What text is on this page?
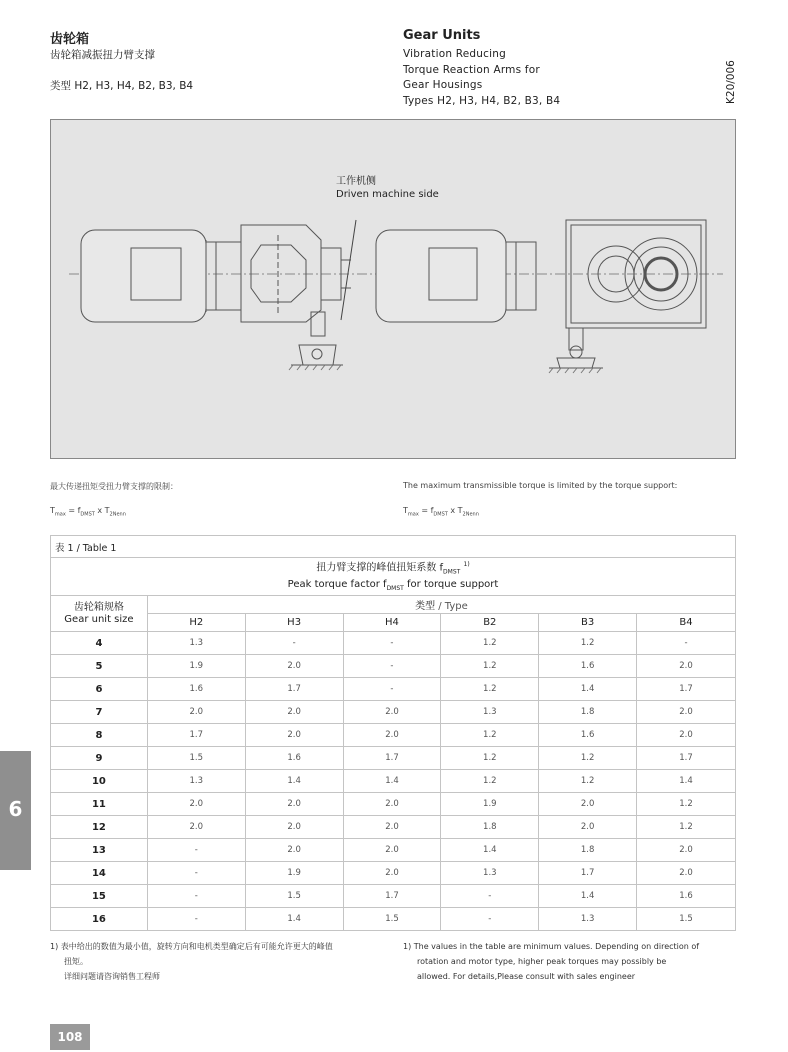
齿轮箱
齿轮箱减振扭力臂支撑
类型 H2, H3, H4, B2, B3, B4
Gear Units
Vibration Reducing
Torque Reaction Arms for
Gear Housings
Types H2, H3, H4, B2, B3, B4	K20/006
工作机侧
Driven machine side
最大传递扭矩受扭力臂支撑的限制：	The maximum transmissible torque is limited by the torque support:
$T_{max} = f_{DMST}$ x $T_{2Nenn}$	$T_{max} = f_{DMST}$ x $T_{2Nenn}$
表 1 / Table 1						

扭力臂支撑的峰值扭矩系数 $f_{DMST}$ $^{1)}$
Peak torque factor $f_{DMST}$ for torque support						

齿轮箱规格
Gear unit size	类型 / Type					
	H2	H3	H4	B2	B3	B4
4	1.3	-	-	1.2	1.2	-
5	1.9	2.0	-	1.2	1.6	2.0
6	1.6	1.7	-	1.2	1.4	1.7
7	2.0	2.0	2.0	1.3	1.8	2.0
8	1.7	2.0	2.0	1.2	1.6	2.0
9	1.5	1.6	1.7	1.2	1.2	1.7
10	1.3	1.4	1.4	1.2	1.2	1.4
11	2.0	2.0	2.0	1.9	2.0	1.2
12	2.0	2.0	2.0	1.8	2.0	1.2
13	-	2.0	2.0	1.4	1.8	2.0
14	-	1.9	2.0	1.3	1.7	2.0
15	-	1.5	1.7	-	1.4	1.6
16	-	1.4	1.5	-	1.3	1.5
1) 表中给出的数值为最小值，旋转方向和电机类型确定后有可能允许更大的峰值
扭矩。
详细问题请咨询销售工程师
1) The values in the table are minimum values. Depending on direction of
rotation and motor type, higher peak torques may possibly be
allowed. For details,Please consult with sales engineer
6
108
